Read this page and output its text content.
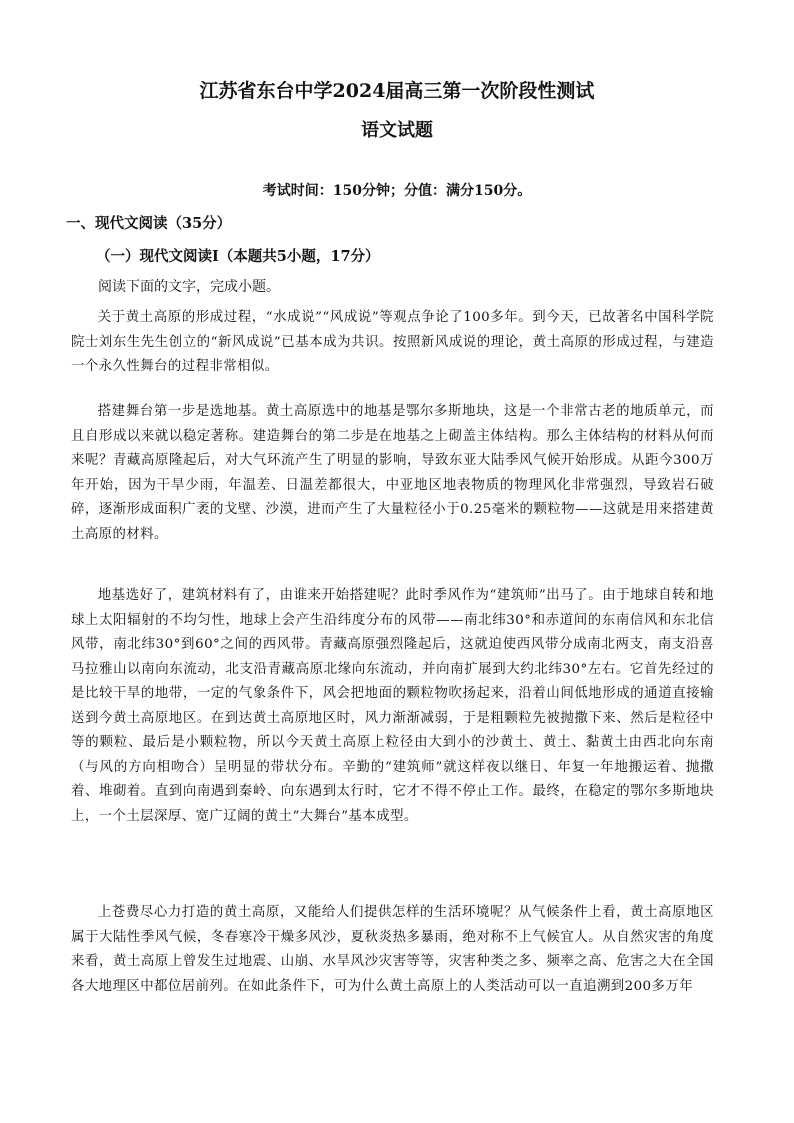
江苏省东台中学2024届高三第一次阶段性测试
语文试题
考试时间：150分钟；分值：满分150分。
一、现代文阅读（35分）
（一）现代文阅读Ⅰ（本题共5小题，17分）
阅读下面的文字，完成小题。

关于黄土高原的形成过程，“水成说”“风成说”等观点争论了100多年。到今天，已故著名中国科学院院士刘东生先生创立的“新风成说”已基本成为共识。按照新风成说的理论，黄土高原的形成过程，与建造一个永久性舞台的过程非常相似。

搭建舞台第一步是选地基。黄土高原选中的地基是鄂尔多斯地块，这是一个非常古老的地质单元，而且自形成以来就以稳定著称。建造舞台的第二步是在地基之上砌盖主体结构。那么主体结构的材料从何而来呢？青藏高原隆起后，对大气环流产生了明显的影响，导致东亚大陆季风气候开始形成。从距今300万年开始，因为干旱少雨，年温差、日温差都很大，中亚地区地表物质的物理风化非常强烈，导致岩石破碎，逐渐形成面积广袤的戈壁、沙漠，进而产生了大量粒径小于0.25毫米的颗粒物——这就是用来搭建黄土高原的材料。

地基选好了，建筑材料有了，由谁来开始搭建呢？此时季风作为“建筑师”出马了。由于地球自转和地球上太阳辐射的不均匀性，地球上会产生沿纬度分布的风带——南北纬30°和赤道间的东南信风和东北信风带，南北纬30°到60°之间的西风带。青藏高原强烈隆起后，这就迫使西风带分成南北两支，南支沿喜马拉雅山以南向东流动，北支沿青藏高原北缘向东流动，并向南扩展到大约北纬30°左右。它首先经过的是比较干旱的地带，一定的气象条件下，风会把地面的颗粒物吹扬起来，沿着山间低地形成的通道直接输送到今黄土高原地区。在到达黄土高原地区时，风力渐渐减弱，于是粗颗粒先被抛撒下来、然后是粒径中等的颗粒、最后是小颗粒物，所以今天黄土高原上粒径由大到小的沙黄土、黄土、黏黄土由西北向东南（与风的方向相吻合）呈明显的带状分布。辛勤的“建筑师”就这样夜以继日、年复一年地搬运着、抛撒着、堆砌着。直到向南遇到秦岭、向东遇到太行时，它才不得不停止工作。最终，在稳定的鄂尔多斯地块上，一个土层深厚、宽广辽阔的黄土“大舞台”基本成型。

上苍费尽心力打造的黄土高原，又能给人们提供怎样的生活环境呢？从气候条件上看，黄土高原地区属于大陆性季风气候，冬春寒冷干燥多风沙，夏秋炎热多暴雨，绝对称不上气候宜人。从自然灾害的角度来看，黄土高原上曾发生过地震、山崩、水旱风沙灾害等等，灾害种类之多、频率之高、危害之大在全国各大地理区中都位居前列。在如此条件下，可为什么黄土高原上的人类活动可以一直追溯到200多万年
